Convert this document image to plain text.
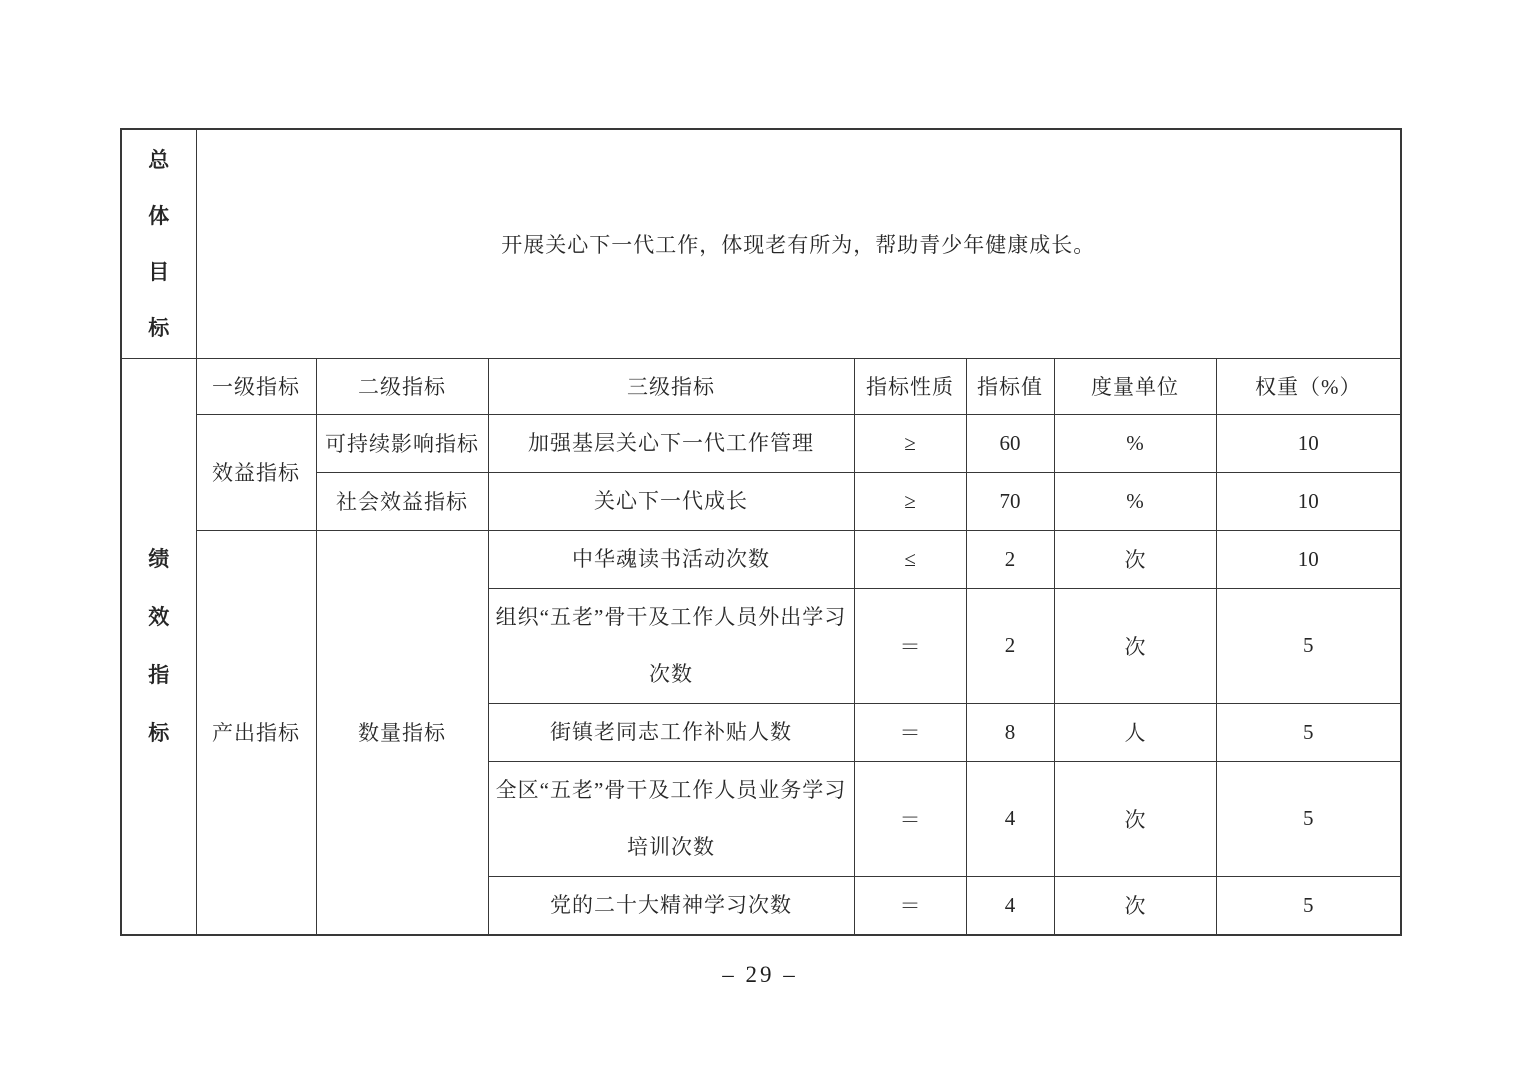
总
体
目
标	开展关心下一代工作，体现老有所为，帮助青少年健康成长。						

绩
效
指
标	一级指标	二级指标	三级指标	指标性质	指标值	度量单位	权重（%）
	效益指标	可持续影响指标	加强基层关心下一代工作管理	≥	60	%	10
		社会效益指标	关心下一代成长	≥	70	%	10
	产出指标	数量指标	中华魂读书活动次数	≤	2	次	10

			组织“五老”骨干及工作人员外出学习
次数	＝	2	次	5
			街镇老同志工作补贴人数	＝	8	人	5

			全区“五老”骨干及工作人员业务学习
培训次数	＝	4	次	5
			党的二十大精神学习次数	＝	4	次	5
– 29 –
